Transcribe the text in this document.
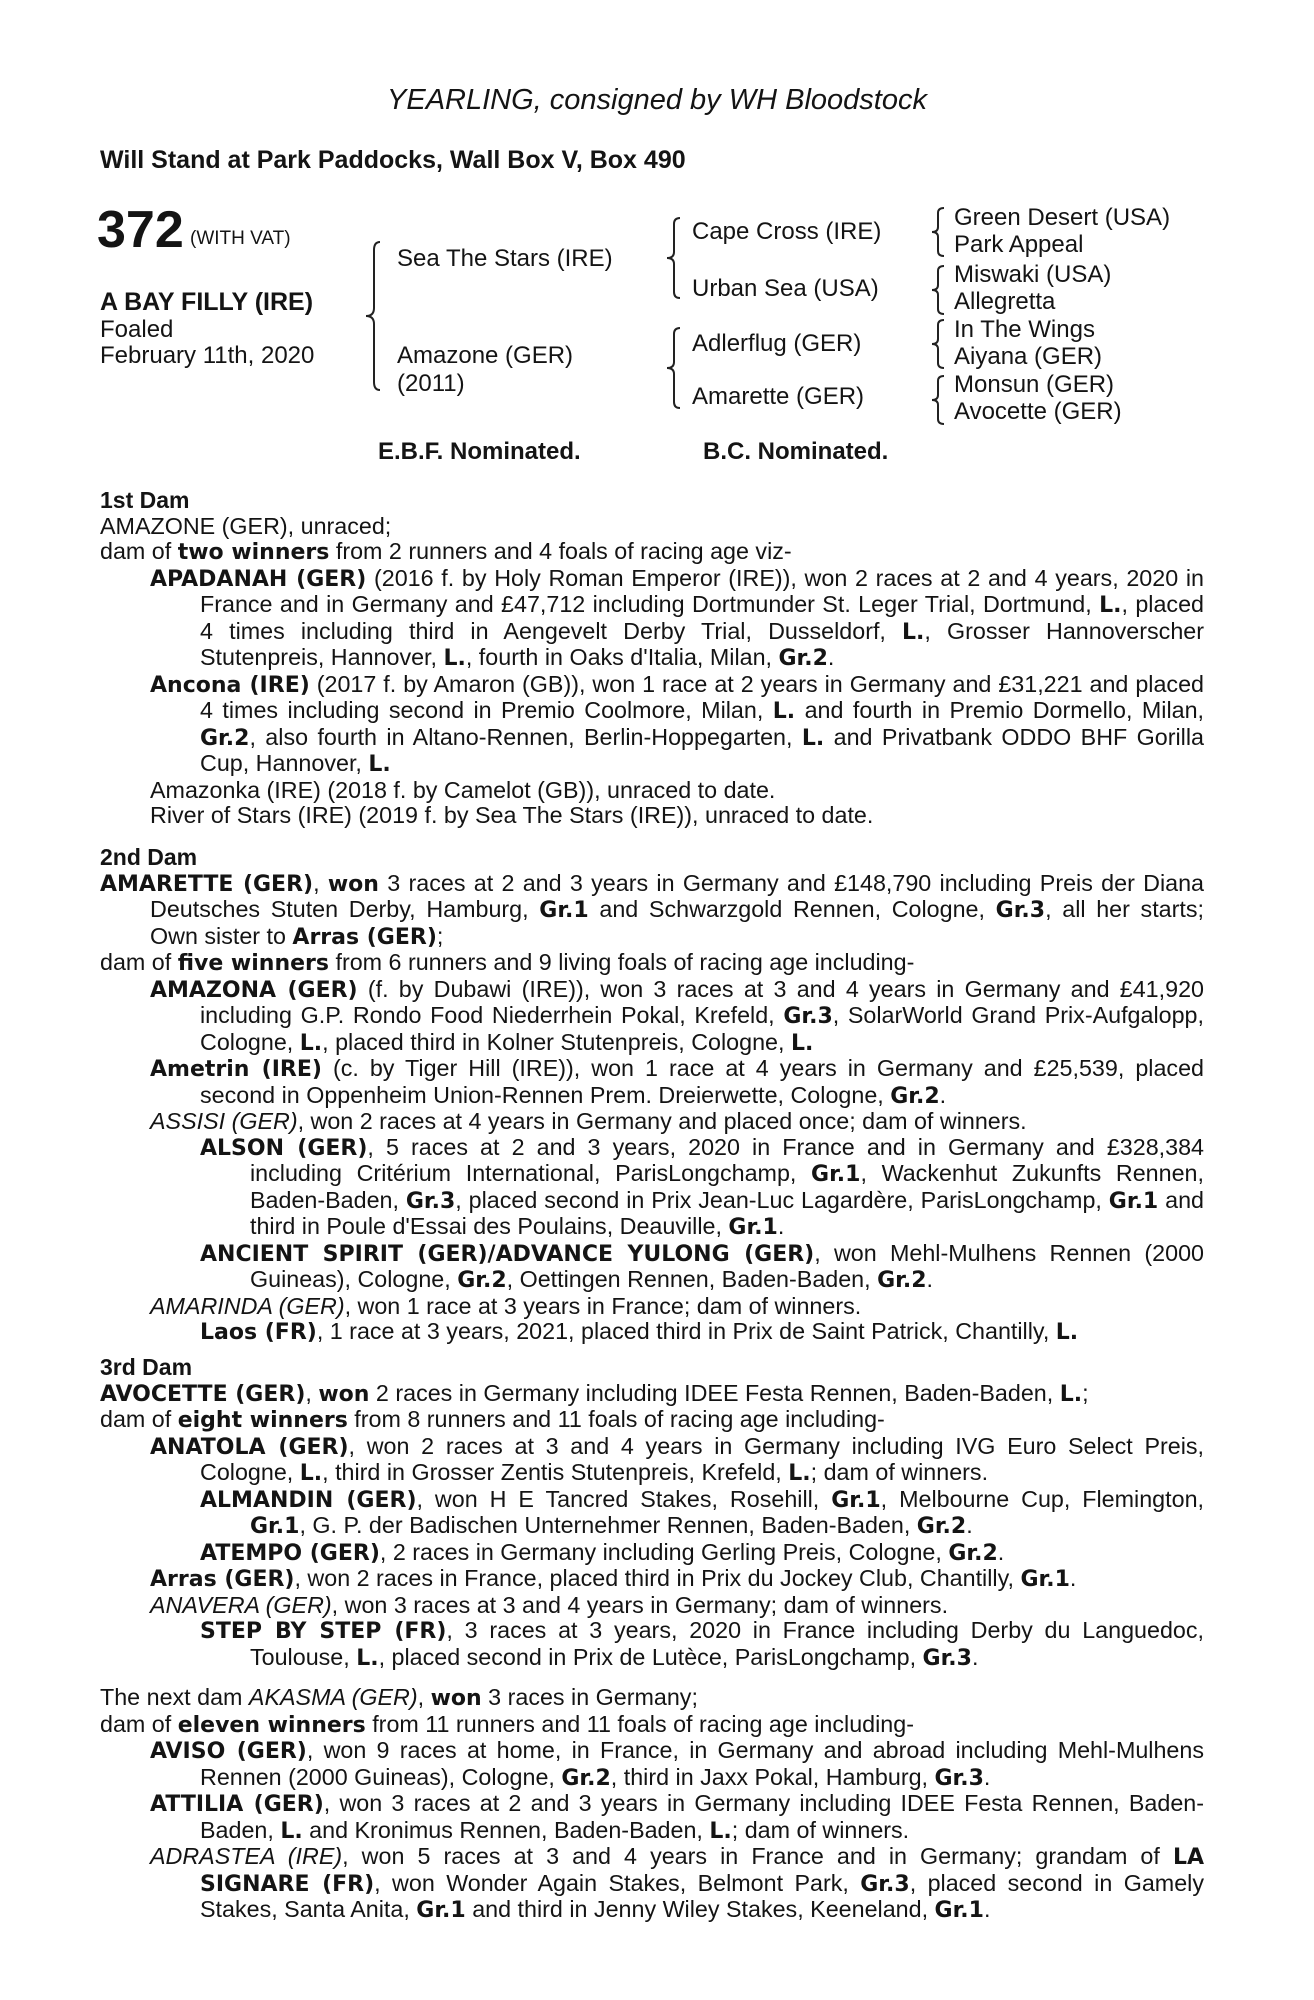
YEARLING, consigned by WH Bloodstock
Will Stand at Park Paddocks, Wall Box V, Box 490
372 (WITH VAT)
A BAY FILLY (IRE)
Foaled
February 11th, 2020
Sea The Stars (IRE)
Amazone (GER)
(2011)
Cape Cross (IRE)
Urban Sea (USA)
Adlerflug (GER)
Amarette (GER)
Green Desert (USA)
Park Appeal
Miswaki (USA)
Allegretta
In The Wings
Aiyana (GER)
Monsun (GER)
Avocette (GER)
E.B.F. Nominated.	B.C. Nominated.

1st Dam

AMAZONE (GER), unraced;

dam of two winners from 2 runners and 4 foals of racing age viz-

APADANAH (GER) (2016 f. by Holy Roman Emperor (IRE)), won 2 races at 2 and 4 years, 2020 in France and in Germany and £47,712 including Dortmunder St. Leger Trial, Dortmund, L., placed 4 times including third in Aengevelt Derby Trial, Dusseldorf, L., Grosser Hannoverscher Stutenpreis, Hannover, L., fourth in Oaks d'Italia, Milan, Gr.2.

Ancona (IRE) (2017 f. by Amaron (GB)), won 1 race at 2 years in Germany and £31,221 and placed 4 times including second in Premio Coolmore, Milan, L. and fourth in Premio Dormello, Milan, Gr.2, also fourth in Altano-Rennen, Berlin-Hoppegarten, L. and Privatbank ODDO BHF Gorilla Cup, Hannover, L.

Amazonka (IRE) (2018 f. by Camelot (GB)), unraced to date.

River of Stars (IRE) (2019 f. by Sea The Stars (IRE)), unraced to date.

2nd Dam

AMARETTE (GER), won 3 races at 2 and 3 years in Germany and £148,790 including Preis der Diana Deutsches Stuten Derby, Hamburg, Gr.1 and Schwarzgold Rennen, Cologne, Gr.3, all her starts; Own sister to Arras (GER);

dam of five winners from 6 runners and 9 living foals of racing age including-

AMAZONA (GER) (f. by Dubawi (IRE)), won 3 races at 3 and 4 years in Germany and £41,920 including G.P. Rondo Food Niederrhein Pokal, Krefeld, Gr.3, SolarWorld Grand Prix-Aufgalopp, Cologne, L., placed third in Kolner Stutenpreis, Cologne, L.

Ametrin (IRE) (c. by Tiger Hill (IRE)), won 1 race at 4 years in Germany and £25,539, placed second in Oppenheim Union-Rennen Prem. Dreierwette, Cologne, Gr.2.

ASSISI (GER), won 2 races at 4 years in Germany and placed once; dam of winners.

ALSON (GER), 5 races at 2 and 3 years, 2020 in France and in Germany and £328,384 including Critérium International, ParisLongchamp, Gr.1, Wackenhut Zukunfts Rennen, Baden-Baden, Gr.3, placed second in Prix Jean-Luc Lagardère, ParisLongchamp, Gr.1 and third in Poule d'Essai des Poulains, Deauville, Gr.1.

ANCIENT SPIRIT (GER)/ADVANCE YULONG (GER), won Mehl-Mulhens Rennen (2000 Guineas), Cologne, Gr.2, Oettingen Rennen, Baden-Baden, Gr.2.

AMARINDA (GER), won 1 race at 3 years in France; dam of winners.

Laos (FR), 1 race at 3 years, 2021, placed third in Prix de Saint Patrick, Chantilly, L.

3rd Dam

AVOCETTE (GER), won 2 races in Germany including IDEE Festa Rennen, Baden-Baden, L.;

dam of eight winners from 8 runners and 11 foals of racing age including-

ANATOLA (GER), won 2 races at 3 and 4 years in Germany including IVG Euro Select Preis, Cologne, L., third in Grosser Zentis Stutenpreis, Krefeld, L.; dam of winners.

ALMANDIN (GER), won H E Tancred Stakes, Rosehill, Gr.1, Melbourne Cup, Flemington, Gr.1, G. P. der Badischen Unternehmer Rennen, Baden-Baden, Gr.2.

ATEMPO (GER), 2 races in Germany including Gerling Preis, Cologne, Gr.2.

Arras (GER), won 2 races in France, placed third in Prix du Jockey Club, Chantilly, Gr.1.

ANAVERA (GER), won 3 races at 3 and 4 years in Germany; dam of winners.

STEP BY STEP (FR), 3 races at 3 years, 2020 in France including Derby du Languedoc, Toulouse, L., placed second in Prix de Lutèce, ParisLongchamp, Gr.3.

The next dam AKASMA (GER), won 3 races in Germany;

dam of eleven winners from 11 runners and 11 foals of racing age including-

AVISO (GER), won 9 races at home, in France, in Germany and abroad including Mehl-Mulhens Rennen (2000 Guineas), Cologne, Gr.2, third in Jaxx Pokal, Hamburg, Gr.3.

ATTILIA (GER), won 3 races at 2 and 3 years in Germany including IDEE Festa Rennen, Baden-Baden, L. and Kronimus Rennen, Baden-Baden, L.; dam of winners.

ADRASTEA (IRE), won 5 races at 3 and 4 years in France and in Germany; grandam of LA SIGNARE (FR), won Wonder Again Stakes, Belmont Park, Gr.3, placed second in Gamely Stakes, Santa Anita, Gr.1 and third in Jenny Wiley Stakes, Keeneland, Gr.1.
